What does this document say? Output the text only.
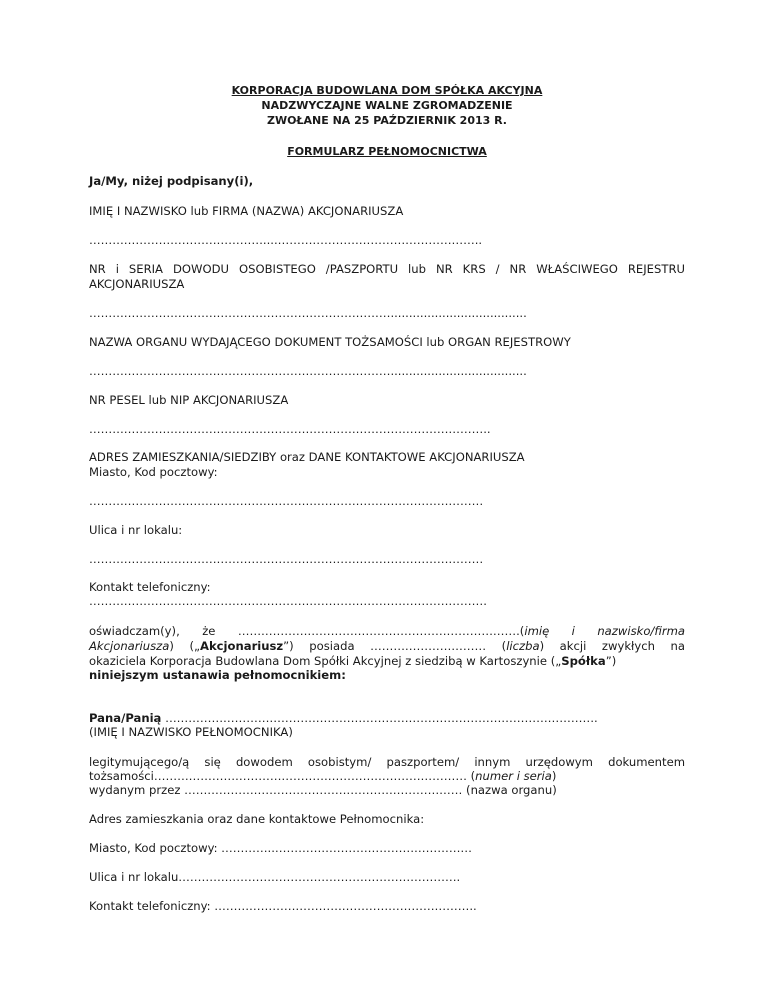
KORPORACJA BUDOWLANA DOM SPÓŁKA AKCYJNA
NADZWYCZAJNE WALNE ZGROMADZENIE
ZWOŁANE NA 25 PAŹDZIERNIK 2013 R.
FORMULARZ PEŁNOMOCNICTWA
Ja/My, niżej podpisany(i),
IMIĘ I NAZWISKO lub FIRMA (NAZWA) AKCJONARIUSZA
………………………………………....……………………………………………..
NR i SERIA DOWODU OSOBISTEGO /PASZPORTU lub NR KRS / NR WŁAŚCIWEGO REJESTRU AKCJONARIUSZA
…………………………………………………………………….....................................
NAZWA ORGANU WYDAJĄCEGO DOKUMENT TOŻSAMOŚCI lub ORGAN REJESTROWY
…………………………………………………………………….....................................
NR PESEL lub NIP AKCJONARIUSZA
…………………………………………………………………………………………..
ADRES ZAMIESZKANIA/SIEDZIBY oraz DANE KONTAKTOWE AKCJONARIUSZA
Miasto, Kod pocztowy:
…………………………………………………………………………………………
Ulica i nr lokalu:
…………………………………………………………………………………………
Kontakt telefoniczny:
………………………………………………………………………………………….
oświadczam(y), że ……………………………………………………………….(imię i nazwisko/firma
Akcjonariusza) („Akcjonariusz”) posiada ………………………… (liczba) akcji zwykłych na
okaziciela Korporacja Budowlana Dom Spółki Akcyjnej z siedzibą w Kartoszynie („Spółka”)
niniejszym ustanawia pełnomocnikiem:
Pana/Panią ………………………………………………………………………………………………….
(IMIĘ I NAZWISKO PEŁNOMOCNIKA)
legitymującego/ą się dowodem osobistym/ paszportem/ innym urzędowym dokumentem
tożsamości……………………………………………………………………… (numer i seria)
wydanym przez ……………………………………………………………… (nazwa organu)
Adres zamieszkania oraz dane kontaktowe Pełnomocnika:
Miasto, Kod pocztowy: …………..……………………………………………
Ulica i nr lokalu……………………………………………………………….
Kontakt telefoniczny: …………………………………………………………..
